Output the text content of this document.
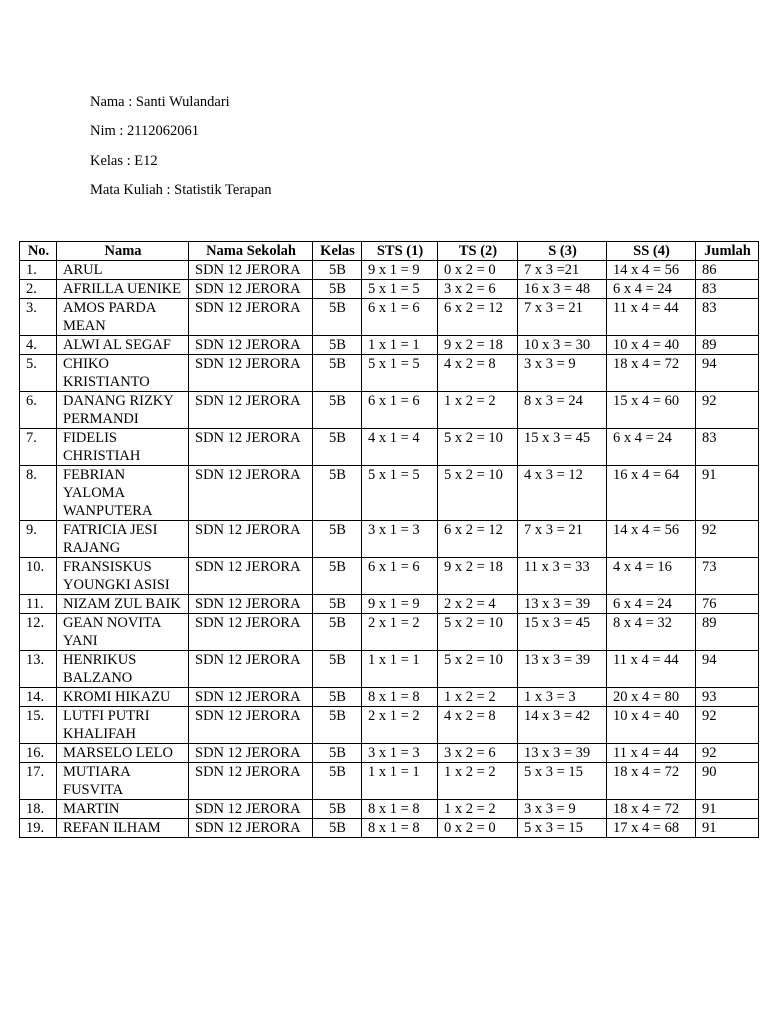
Nama : Santi Wulandari

Nim : 2112062061

Kelas : E12

Mata Kuliah : Statistik Terapan

No.	Nama	Nama Sekolah	Kelas	STS (1)	TS (2)	S (3)	SS (4)	Jumlah
1.	ARUL	SDN 12 JERORA	5B	9 x 1 = 9	0 x 2 = 0	7 x 3 =21	14 x 4 = 56	86
2.	AFRILLA UENIKE	SDN 12 JERORA	5B	5 x 1 = 5	3 x 2 = 6	16 x 3 = 48	6 x 4 = 24	83
3.	AMOS PARDA MEAN	SDN 12 JERORA	5B	6 x 1 = 6	6 x 2 = 12	7 x 3 = 21	11 x 4 = 44	83
4.	ALWI AL SEGAF	SDN 12 JERORA	5B	1 x 1 = 1	9 x 2 = 18	10 x 3 = 30	10 x 4 = 40	89
5.	CHIKO KRISTIANTO	SDN 12 JERORA	5B	5 x 1 = 5	4 x 2 = 8	3 x 3 = 9	18 x 4 = 72	94
6.	DANANG RIZKY PERMANDI	SDN 12 JERORA	5B	6 x 1 = 6	1 x 2 = 2	8 x 3 = 24	15 x 4 = 60	92
7.	FIDELIS CHRISTIAH	SDN 12 JERORA	5B	4 x 1 = 4	5 x 2 = 10	15 x 3 = 45	6 x 4 = 24	83
8.	FEBRIAN YALOMA WANPUTERA	SDN 12 JERORA	5B	5 x 1 = 5	5 x 2 = 10	4 x 3 = 12	16 x 4 = 64	91
9.	FATRICIA JESI RAJANG	SDN 12 JERORA	5B	3 x 1 = 3	6 x 2 = 12	7 x 3 = 21	14 x 4 = 56	92
10.	FRANSISKUS YOUNGKI ASISI	SDN 12 JERORA	5B	6 x 1 = 6	9 x 2 = 18	11 x 3 = 33	4 x 4 = 16	73
11.	NIZAM ZUL BAIK	SDN 12 JERORA	5B	9 x 1 = 9	2 x 2 = 4	13 x 3 = 39	6 x 4 = 24	76
12.	GEAN NOVITA YANI	SDN 12 JERORA	5B	2 x 1 = 2	5 x 2 = 10	15 x 3 = 45	8 x 4 = 32	89
13.	HENRIKUS BALZANO	SDN 12 JERORA	5B	1 x 1 = 1	5 x 2 = 10	13 x 3 = 39	11 x 4 = 44	94
14.	KROMI HIKAZU	SDN 12 JERORA	5B	8 x 1 = 8	1 x 2 = 2	1 x 3 = 3	20 x 4 = 80	93
15.	LUTFI PUTRI KHALIFAH	SDN 12 JERORA	5B	2 x 1 = 2	4 x 2 = 8	14 x 3 = 42	10 x 4 = 40	92
16.	MARSELO LELO	SDN 12 JERORA	5B	3 x 1 = 3	3 x 2 = 6	13 x 3 = 39	11 x 4 = 44	92
17.	MUTIARA FUSVITA	SDN 12 JERORA	5B	1 x 1 = 1	1 x 2 = 2	5 x 3 = 15	18 x 4 = 72	90
18.	MARTIN	SDN 12 JERORA	5B	8 x 1 = 8	1 x 2 = 2	3 x 3 = 9	18 x 4 = 72	91
19.	REFAN ILHAM	SDN 12 JERORA	5B	8 x 1 = 8	0 x 2 = 0	5 x 3 = 15	17 x 4 = 68	91
